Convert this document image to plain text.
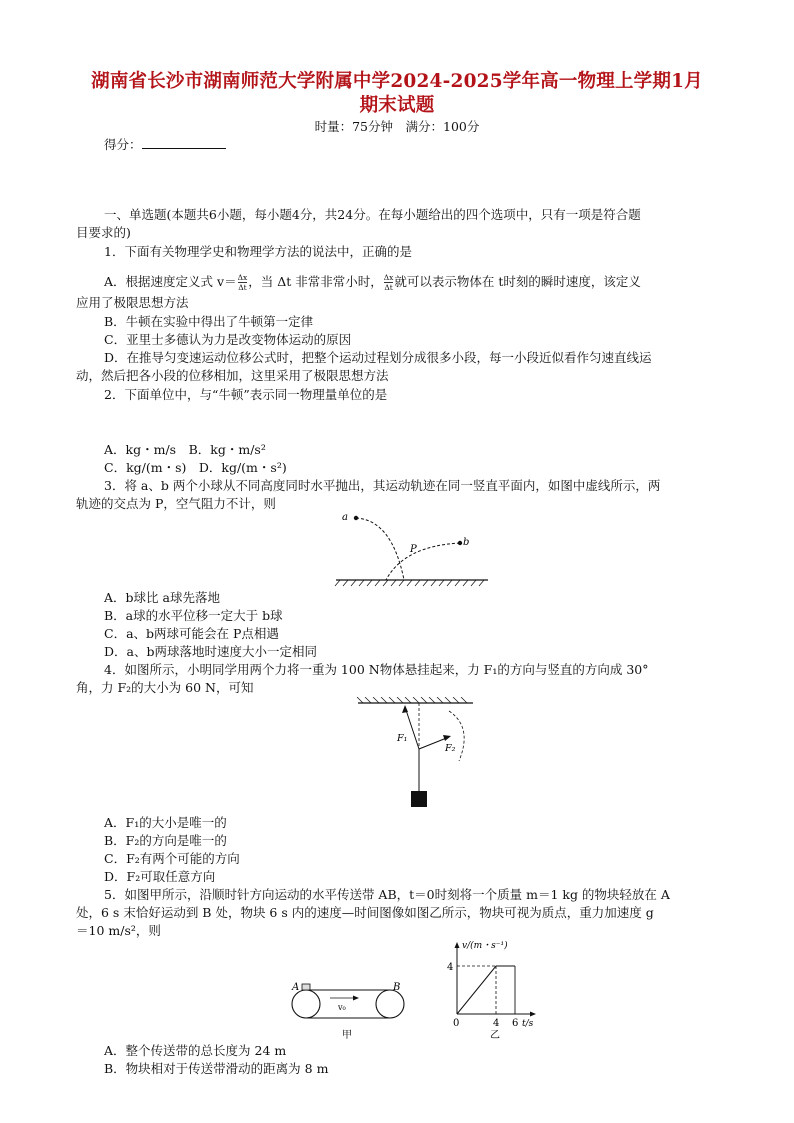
湖南省长沙市湖南师范大学附属中学2024-2025学年高一物理上学期1月
期末试题
时量：75分钟　满分：100分
得分：
一、单选题(本题共6小题，每小题4分，共24分。在每小题给出的四个选项中，只有一项是符合题
目要求的)
1．下面有关物理学史和物理学方法的说法中，正确的是
A．根据速度定义式 $v= \frac{\Delta x}{\Delta t}$ ，当 Δt 非常非常小时， $\frac{\Delta x}{\Delta t}$ 就可以表示物体在 t时刻的瞬时速度，该定义
应用了极限思想方法
B．牛顿在实验中得出了牛顿第一定律
C．亚里士多德认为力是改变物体运动的原因
D．在推导匀变速运动位移公式时，把整个运动过程划分成很多小段，每一小段近似看作匀速直线运
动，然后把各小段的位移相加，这里采用了极限思想方法
2．下面单位中，与“牛顿”表示同一物理量单位的是
A．kg・m/s　B．kg・m/s²
C．kg/(m・s)　D．kg/(m・s²)
3．将 a、b 两个小球从不同高度同时水平抛出，其运动轨迹在同一竖直平面内，如图中虚线所示，两
轨迹的交点为 P，空气阻力不计，则
a
b
P
A．b球比 a球先落地
B．a球的水平位移一定大于 b球
C．a、b两球可能会在 P点相遇
D．a、b两球落地时速度大小一定相同
4．如图所示，小明同学用两个力将一重为 100 N物体悬挂起来，力 F₁的方向与竖直的方向成 30°
角，力 F₂的大小为 60 N，可知
F₁
F₂
A．F₁的大小是唯一的
B．F₂的方向是唯一的
C．F₂有两个可能的方向
D．F₂可取任意方向
5．如图甲所示，沿顺时针方向运动的水平传送带 AB，t＝0时刻将一个质量 m＝1 kg 的物块轻放在 A
处，6 s 末恰好运动到 B 处，物块 6 s 内的速度—时间图像如图乙所示，物块可视为质点，重力加速度 g
＝10 m/s²，则
A	B
v₀
甲
v/(m・s⁻¹)
4
0	4 6 t/s
乙
A．整个传送带的总长度为 24 m
B．物块相对于传送带滑动的距离为 8 m
